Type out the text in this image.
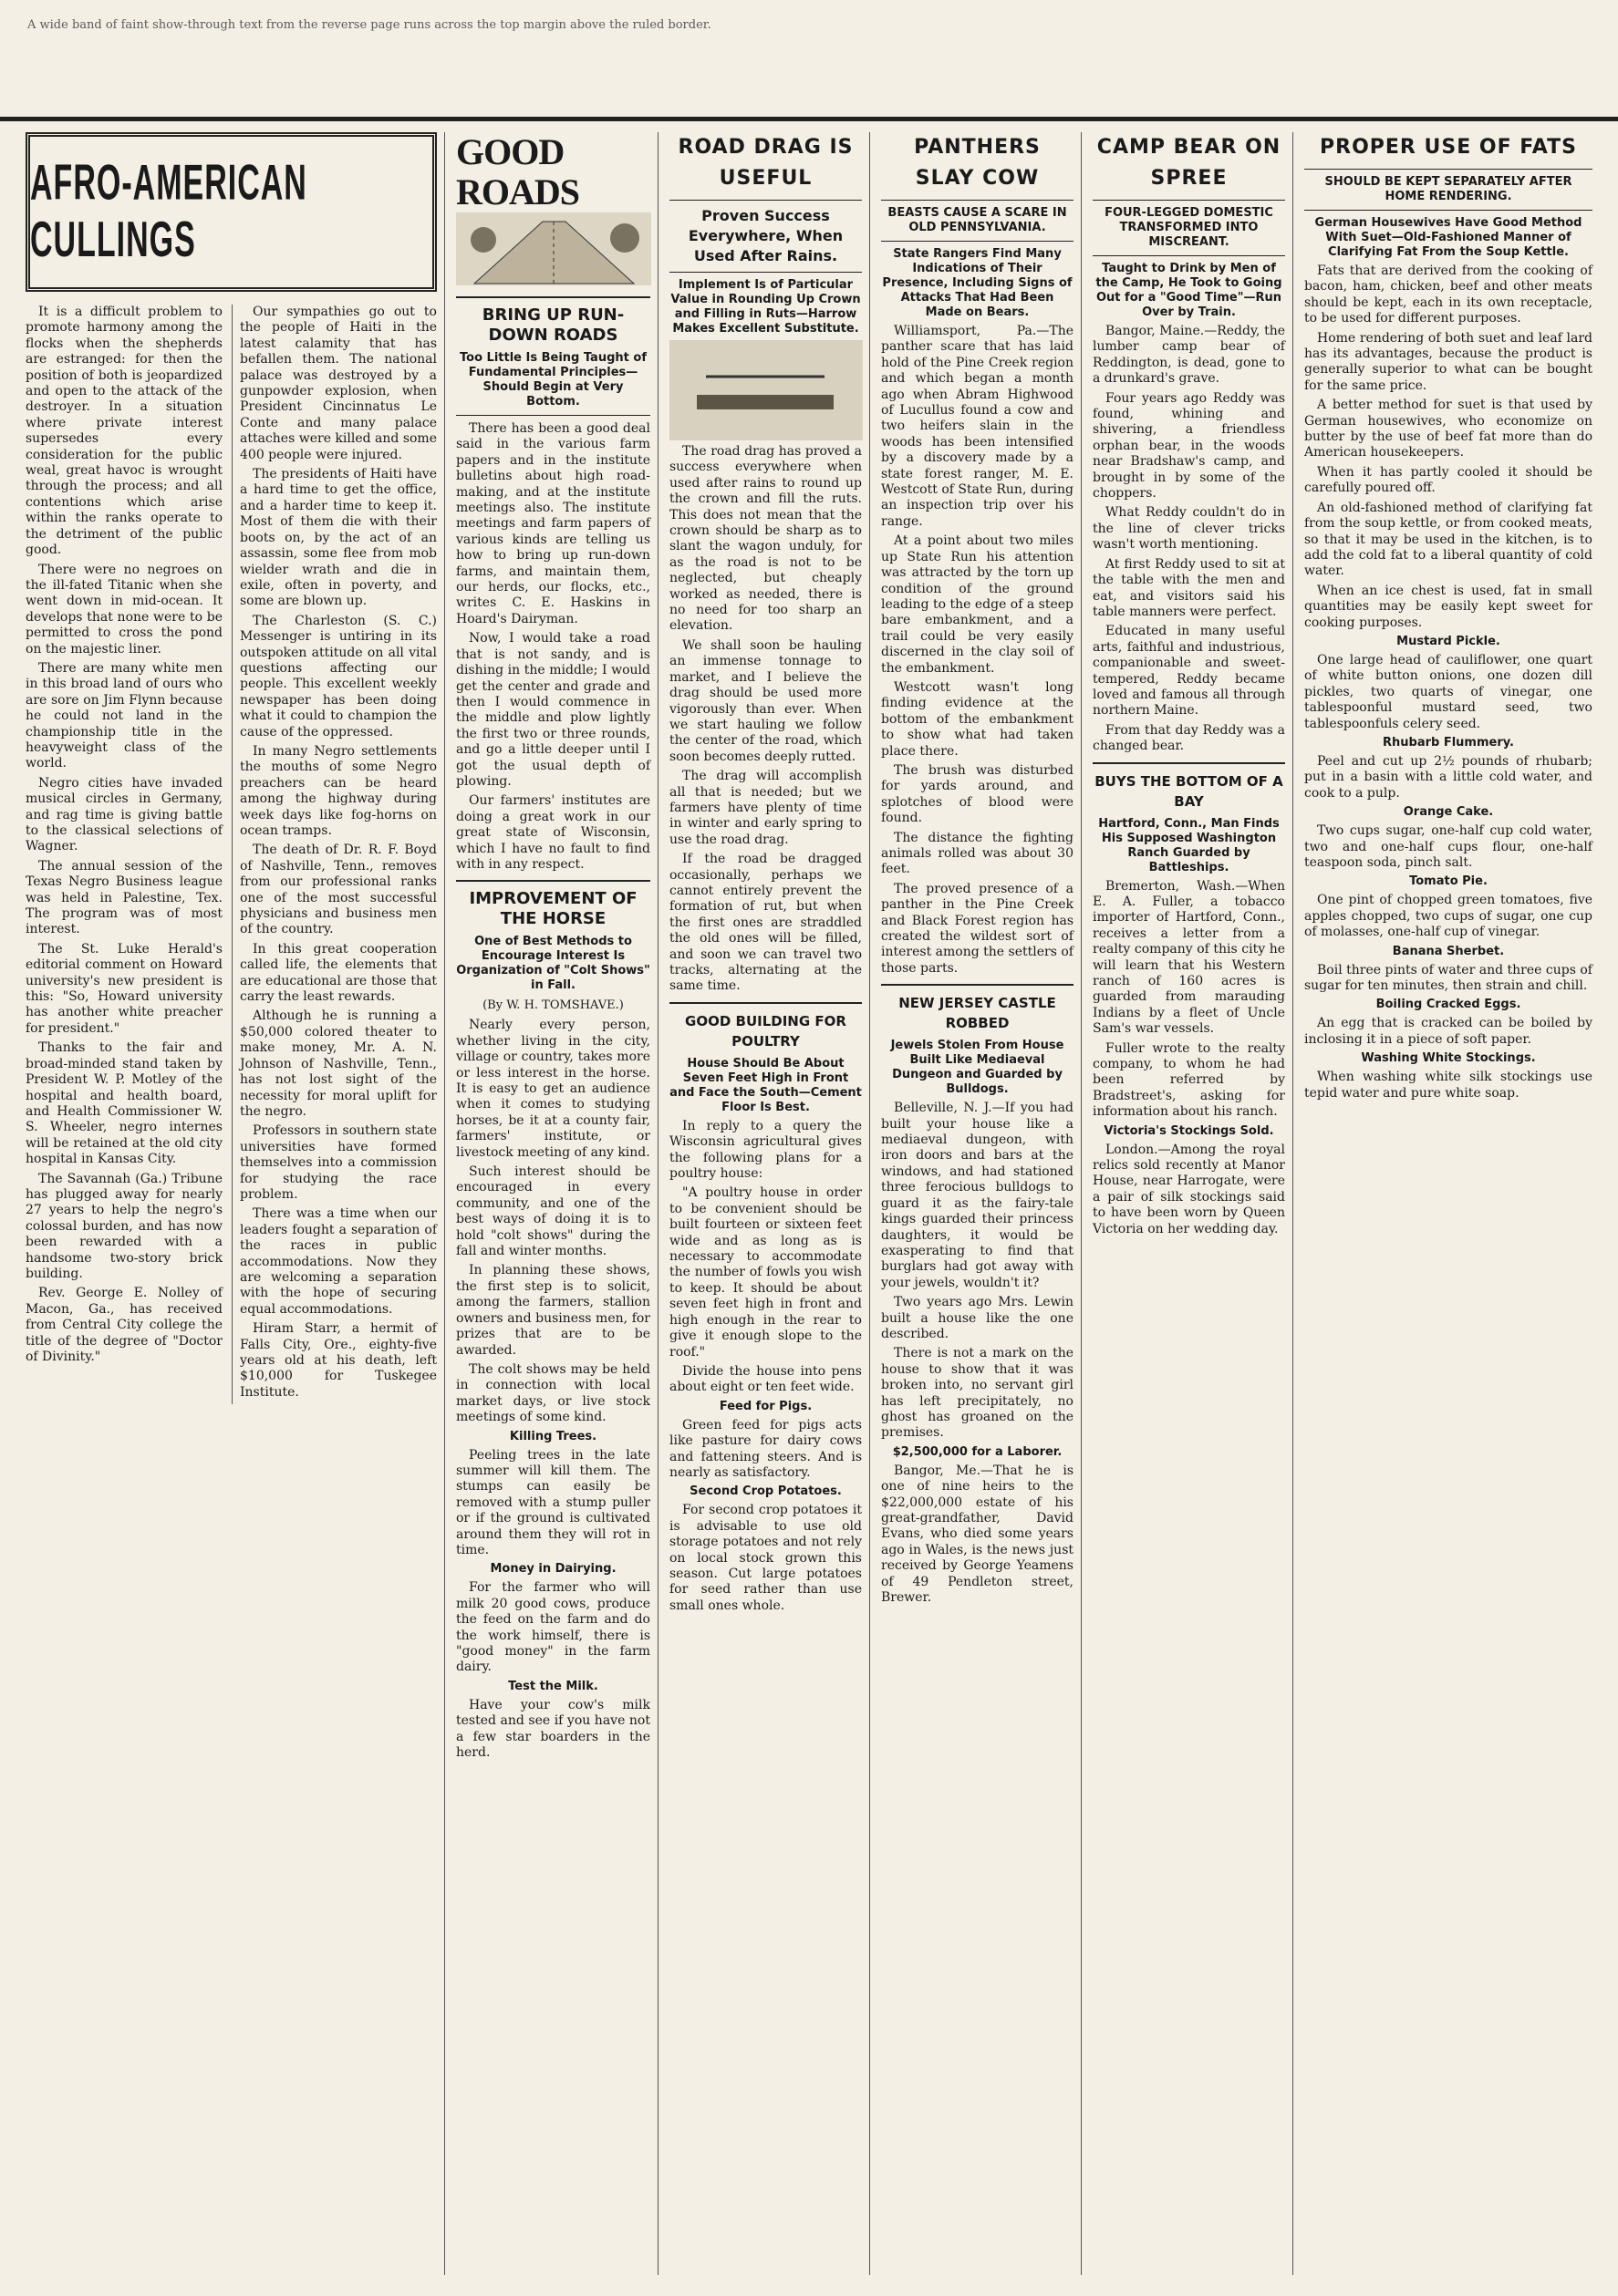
A wide band of faint show-through text from the reverse page runs across the top margin above the ruled border.
AFRO-AMERICAN CULLINGS

It is a difficult problem to promote harmony among the flocks when the shepherds are estranged: for then the position of both is jeopardized and open to the attack of the destroyer. In a situation where private interest supersedes every consideration for the public weal, great havoc is wrought through the process; and all contentions which arise within the ranks operate to the detriment of the public good.

There were no negroes on the ill-fated Titanic when she went down in mid-ocean. It develops that none were to be permitted to cross the pond on the majestic liner.

There are many white men in this broad land of ours who are sore on Jim Flynn because he could not land in the championship title in the heavyweight class of the world.

Negro cities have invaded musical circles in Germany, and rag time is giving battle to the classical selections of Wagner.

The annual session of the Texas Negro Business league was held in Palestine, Tex. The program was of most interest.

The St. Luke Herald's editorial comment on Howard university's new president is this: "So, Howard university has another white preacher for president."

Thanks to the fair and broad-minded stand taken by President W. P. Motley of the hospital and health board, and Health Commissioner W. S. Wheeler, negro internes will be retained at the old city hospital in Kansas City.

The Savannah (Ga.) Tribune has plugged away for nearly 27 years to help the negro's colossal burden, and has now been rewarded with a handsome two-story brick building.

Rev. George E. Nolley of Macon, Ga., has received from Central City college the title of the degree of "Doctor of Divinity."

Our sympathies go out to the people of Haiti in the latest calamity that has befallen them. The national palace was destroyed by a gunpowder explosion, when President Cincinnatus Le Conte and many palace attaches were killed and some 400 people were injured.

The presidents of Haiti have a hard time to get the office, and a harder time to keep it. Most of them die with their boots on, by the act of an assassin, some flee from mob wielder wrath and die in exile, often in poverty, and some are blown up.

The Charleston (S. C.) Messenger is untiring in its outspoken attitude on all vital questions affecting our people. This excellent weekly newspaper has been doing what it could to champion the cause of the oppressed.

In many Negro settlements the mouths of some Negro preachers can be heard among the highway during week days like fog-horns on ocean tramps.

The death of Dr. R. F. Boyd of Nashville, Tenn., removes from our professional ranks one of the most successful physicians and business men of the country.

In this great cooperation called life, the elements that are educational are those that carry the least rewards.

Although he is running a $50,000 colored theater to make money, Mr. A. N. Johnson of Nashville, Tenn., has not lost sight of the necessity for moral uplift for the negro.

Professors in southern state universities have formed themselves into a commission for studying the race problem.

There was a time when our leaders fought a separation of the races in public accommodations. Now they are welcoming a separation with the hope of securing equal accommodations.

Hiram Starr, a hermit of Falls City, Ore., eighty-five years old at his death, left $10,000 for Tuskegee Institute.

GOOD ROADS
BRING UP RUN-DOWN ROADS
Too Little Is Being Taught of Fundamental Principles—Should Begin at Very Bottom.

There has been a good deal said in the various farm papers and in the institute bulletins about high road-making, and at the institute meetings also. The institute meetings and farm papers of various kinds are telling us how to bring up run-down farms, and maintain them, our herds, our flocks, etc., writes C. E. Haskins in Hoard's Dairyman.

Now, I would take a road that is not sandy, and is dishing in the middle; I would get the center and grade and then I would commence in the middle and plow lightly the first two or three rounds, and go a little deeper until I got the usual depth of plowing.

Our farmers' institutes are doing a great work in our great state of Wisconsin, which I have no fault to find with in any respect.

IMPROVEMENT OF THE HORSE
One of Best Methods to Encourage Interest Is Organization of "Colt Shows" in Fall.
(By W. H. TOMSHAVE.)

Nearly every person, whether living in the city, village or country, takes more or less interest in the horse. It is easy to get an audience when it comes to studying horses, be it at a county fair, farmers' institute, or livestock meeting of any kind.

Such interest should be encouraged in every community, and one of the best ways of doing it is to hold "colt shows" during the fall and winter months.

In planning these shows, the first step is to solicit, among the farmers, stallion owners and business men, for prizes that are to be awarded.

The colt shows may be held in connection with local market days, or live stock meetings of some kind.

Killing Trees.

Peeling trees in the late summer will kill them. The stumps can easily be removed with a stump puller or if the ground is cultivated around them they will rot in time.

Money in Dairying.

For the farmer who will milk 20 good cows, produce the feed on the farm and do the work himself, there is "good money" in the farm dairy.

Test the Milk.

Have your cow's milk tested and see if you have not a few star boarders in the herd.

ROAD DRAG IS USEFUL
Proven Success Everywhere, When Used After Rains.
Implement Is of Particular Value in Rounding Up Crown and Filling in Ruts—Harrow Makes Excellent Substitute.

The road drag has proved a success everywhere when used after rains to round up the crown and fill the ruts. This does not mean that the crown should be sharp as to slant the wagon unduly, for as the road is not to be neglected, but cheaply worked as needed, there is no need for too sharp an elevation.

We shall soon be hauling an immense tonnage to market, and I believe the drag should be used more vigorously than ever. When we start hauling we follow the center of the road, which soon becomes deeply rutted.

The drag will accomplish all that is needed; but we farmers have plenty of time in winter and early spring to use the road drag.

If the road be dragged occasionally, perhaps we cannot entirely prevent the formation of rut, but when the first ones are straddled the old ones will be filled, and soon we can travel two tracks, alternating at the same time.

GOOD BUILDING FOR POULTRY
House Should Be About Seven Feet High in Front and Face the South—Cement Floor Is Best.

In reply to a query the Wisconsin agricultural gives the following plans for a poultry house:

"A poultry house in order to be convenient should be built fourteen or sixteen feet wide and as long as is necessary to accommodate the number of fowls you wish to keep. It should be about seven feet high in front and high enough in the rear to give it enough slope to the roof."

Divide the house into pens about eight or ten feet wide.

Feed for Pigs.

Green feed for pigs acts like pasture for dairy cows and fattening steers. And is nearly as satisfactory.

Second Crop Potatoes.

For second crop potatoes it is advisable to use old storage potatoes and not rely on local stock grown this season. Cut large potatoes for seed rather than use small ones whole.

PANTHERS SLAY COW
BEASTS CAUSE A SCARE IN OLD PENNSYLVANIA.
State Rangers Find Many Indications of Their Presence, Including Signs of Attacks That Had Been Made on Bears.

Williamsport, Pa.—The panther scare that has laid hold of the Pine Creek region and which began a month ago when Abram Highwood of Lucullus found a cow and two heifers slain in the woods has been intensified by a discovery made by a state forest ranger, M. E. Westcott of State Run, during an inspection trip over his range.

At a point about two miles up State Run his attention was attracted by the torn up condition of the ground leading to the edge of a steep bare embankment, and a trail could be very easily discerned in the clay soil of the embankment.

Westcott wasn't long finding evidence at the bottom of the embankment to show what had taken place there.

The brush was disturbed for yards around, and splotches of blood were found.

The distance the fighting animals rolled was about 30 feet.

The proved presence of a panther in the Pine Creek and Black Forest region has created the wildest sort of interest among the settlers of those parts.

NEW JERSEY CASTLE ROBBED
Jewels Stolen From House Built Like Mediaeval Dungeon and Guarded by Bulldogs.

Belleville, N. J.—If you had built your house like a mediaeval dungeon, with iron doors and bars at the windows, and had stationed three ferocious bulldogs to guard it as the fairy-tale kings guarded their princess daughters, it would be exasperating to find that burglars had got away with your jewels, wouldn't it?

Two years ago Mrs. Lewin built a house like the one described.

There is not a mark on the house to show that it was broken into, no servant girl has left precipitately, no ghost has groaned on the premises.

$2,500,000 for a Laborer.

Bangor, Me.—That he is one of nine heirs to the $22,000,000 estate of his great-grandfather, David Evans, who died some years ago in Wales, is the news just received by George Yeamens of 49 Pendleton street, Brewer.

CAMP BEAR ON SPREE
FOUR-LEGGED DOMESTIC TRANSFORMED INTO MISCREANT.
Taught to Drink by Men of the Camp, He Took to Going Out for a "Good Time"—Run Over by Train.

Bangor, Maine.—Reddy, the lumber camp bear of Reddington, is dead, gone to a drunkard's grave.

Four years ago Reddy was found, whining and shivering, a friendless orphan bear, in the woods near Bradshaw's camp, and brought in by some of the choppers.

What Reddy couldn't do in the line of clever tricks wasn't worth mentioning.

At first Reddy used to sit at the table with the men and eat, and visitors said his table manners were perfect.

Educated in many useful arts, faithful and industrious, companionable and sweet-tempered, Reddy became loved and famous all through northern Maine.

From that day Reddy was a changed bear.

BUYS THE BOTTOM OF A BAY
Hartford, Conn., Man Finds His Supposed Washington Ranch Guarded by Battleships.

Bremerton, Wash.—When E. A. Fuller, a tobacco importer of Hartford, Conn., receives a letter from a realty company of this city he will learn that his Western ranch of 160 acres is guarded from marauding Indians by a fleet of Uncle Sam's war vessels.

Fuller wrote to the realty company, to whom he had been referred by Bradstreet's, asking for information about his ranch.

Victoria's Stockings Sold.

London.—Among the royal relics sold recently at Manor House, near Harrogate, were a pair of silk stockings said to have been worn by Queen Victoria on her wedding day.

PROPER USE OF FATS
SHOULD BE KEPT SEPARATELY AFTER HOME RENDERING.
German Housewives Have Good Method With Suet—Old-Fashioned Manner of Clarifying Fat From the Soup Kettle.

Fats that are derived from the cooking of bacon, ham, chicken, beef and other meats should be kept, each in its own receptacle, to be used for different purposes.

Home rendering of both suet and leaf lard has its advantages, because the product is generally superior to what can be bought for the same price.

A better method for suet is that used by German housewives, who economize on butter by the use of beef fat more than do American housekeepers.

When it has partly cooled it should be carefully poured off.

An old-fashioned method of clarifying fat from the soup kettle, or from cooked meats, so that it may be used in the kitchen, is to add the cold fat to a liberal quantity of cold water.

When an ice chest is used, fat in small quantities may be easily kept sweet for cooking purposes.

Mustard Pickle.

One large head of cauliflower, one quart of white button onions, one dozen dill pickles, two quarts of vinegar, one tablespoonful mustard seed, two tablespoonfuls celery seed.

Rhubarb Flummery.

Peel and cut up 2½ pounds of rhubarb; put in a basin with a little cold water, and cook to a pulp.

Orange Cake.

Two cups sugar, one-half cup cold water, two and one-half cups flour, one-half teaspoon soda, pinch salt.

Tomato Pie.

One pint of chopped green tomatoes, five apples chopped, two cups of sugar, one cup of molasses, one-half cup of vinegar.

Banana Sherbet.

Boil three pints of water and three cups of sugar for ten minutes, then strain and chill.

Boiling Cracked Eggs.

An egg that is cracked can be boiled by inclosing it in a piece of soft paper.

Washing White Stockings.

When washing white silk stockings use tepid water and pure white soap.
